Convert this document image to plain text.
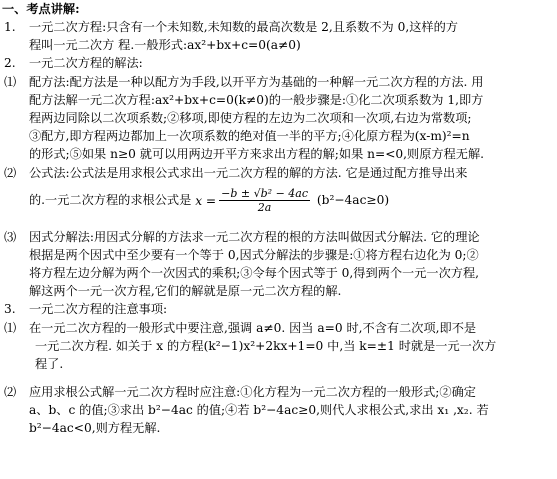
一、考点讲解:
1. 一元二次方程:只含有一个未知数,未知数的最高次数是 2,且系数不为 0,这样的方
程叫一元二次方 程.一般形式:ax²+bx+c=0(a≠0)
2. 一元二次方程的解法:
⑴ 配方法:配方法是一种以配方为手段,以开平方为基础的一种解一元二次方程的方法. 用
配方法解一元二次方程:ax²+bx+c=0(k≠0)的一般步骤是:①化二次项系数为 1,即方
程两边同除以二次项系数;②移项,即使方程的左边为二次项和一次项,右边为常数项;
③配方,即方程两边都加上一次项系数的绝对值一半的平方;④化原方程为(x-m)²=n
的形式;⑤如果 n≥0 就可以用两边开平方来求出方程的解;如果 n=<0,则原方程无解.
⑵ 公式法:公式法是用求根公式求出一元二次方程的解的方法. 它是通过配方推导出来
的.一元二次方程的求根公式是 $x = \frac{\text{−b ± √b² − 4ac}}{2a} (b^2-4ac\ge 0)$
⑶ 因式分解法:用因式分解的方法求一元二次方程的根的方法叫做因式分解法. 它的理论
根据是两个因式中至少要有一个等于 0,因式分解法的步骤是:①将方程右边化为 0;②
将方程左边分解为两个一次因式的乘积;③令每个因式等于 0,得到两个一元一次方程,
解这两个一元一次方程,它们的解就是原一元二次方程的解.
3. 一元二次方程的注意事项:
⑴ 在一元二次方程的一般形式中要注意,强调 a≠0. 因当 a=0 时,不含有二次项,即不是
一元二次方程. 如关于 x 的方程(k²−1)x²+2kx+1=0 中,当 k=±1 时就是一元一次方
程了.
⑵ 应用求根公式解一元二次方程时应注意:①化方程为一元二次方程的一般形式;②确定
a、b、c 的值;③求出 b²−4ac 的值;④若 b²−4ac≥0,则代人求根公式,求出 x₁ ,x₂. 若
b²−4ac<0,则方程无解.
